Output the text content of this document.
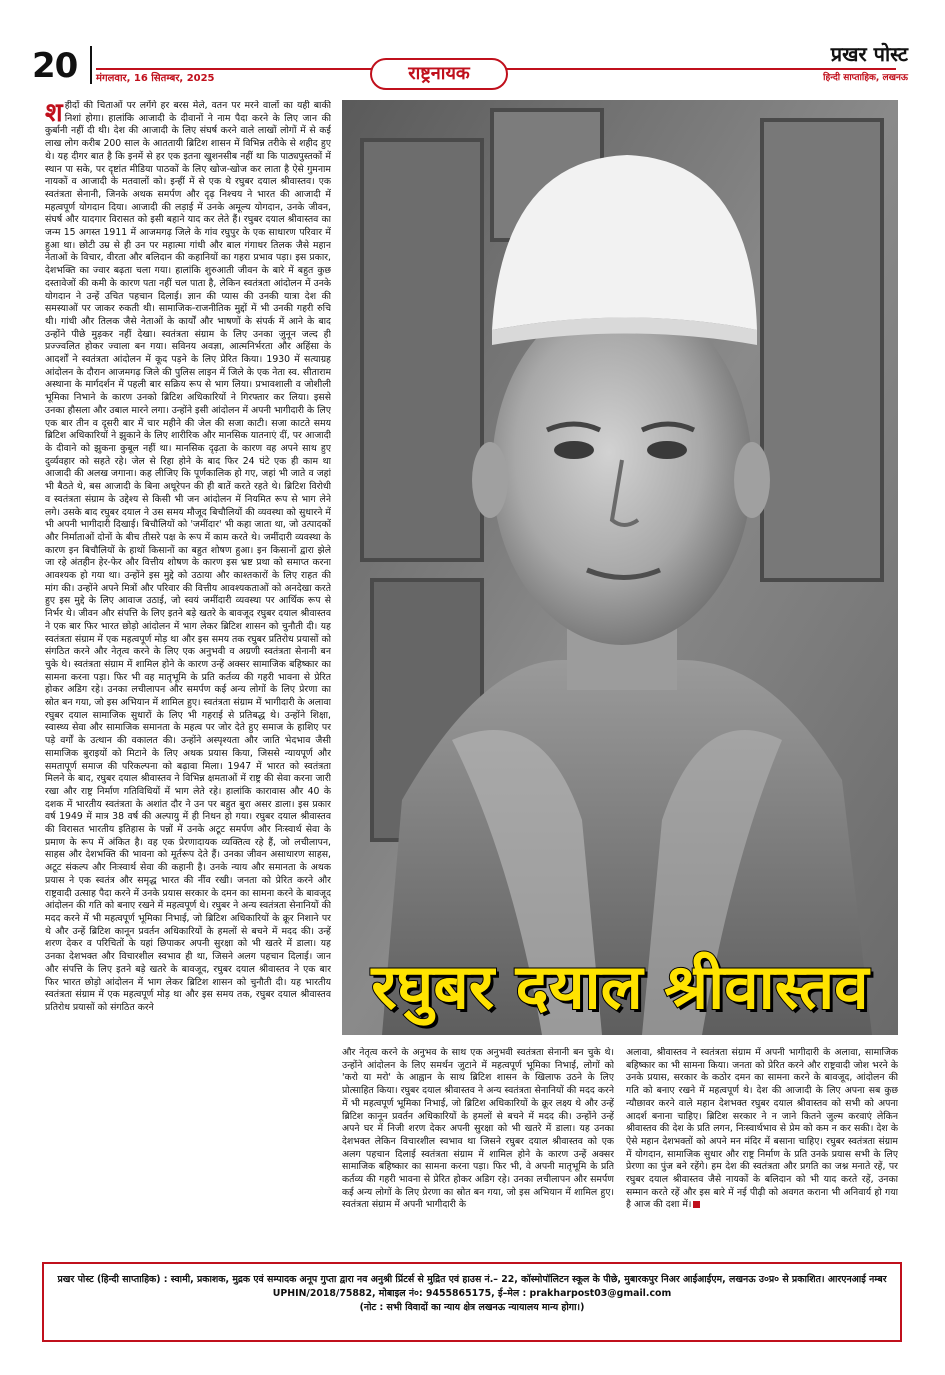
20 मंगलवार, 16 सितम्बर, 2025	राष्ट्रनायक
प्रखर पोस्ट
हिन्दी साप्ताहिक, लखनऊ
श हीदों की चिताओं पर लगेंगे हर बरस मेले, वतन पर मरने वालों का यही बाकी निशां होगा। हालांकि आजादी के दीवानों ने नाम पैदा करने के लिए जान की कुर्बानी नहीं दी थी। देश की आजादी के लिए संघर्ष करने वाले लाखों लोगों में से कई लाख लोग करीब 200 साल के आततायी ब्रिटिश शासन में विभिन्न तरीके से शहीद हुए थे। यह दीगर बात है कि इनमें से हर एक इतना खुशनसीब नहीं था कि पाठ्यपुस्तकों में स्थान पा सके, पर दृष्टांत मीडिया पाठकों के लिए खोज-खोज कर लाता है ऐसे गुमनाम नायकों व आजादी के मतवालों को। इन्हीं में से एक थे रघुबर दयाल श्रीवास्तव। एक स्वतंत्रता सेनानी, जिनके अथक समर्पण और दृढ़ निश्चय ने भारत की आजादी में महत्वपूर्ण योगदान दिया। आजादी की लड़ाई में उनके अमूल्य योगदान, उनके जीवन, संघर्ष और यादगार विरासत को इसी बहाने याद कर लेते हैं। रघुबर दयाल श्रीवास्तव का जन्म 15 अगस्त 1911 में आजमगढ़ जिले के गांव रघुपुर के एक साधारण परिवार में हुआ था। छोटी उम्र से ही उन पर महात्मा गांधी और बाल गंगाधर तिलक जैसे महान नेताओं के विचार, वीरता और बलिदान की कहानियों का गहरा प्रभाव पड़ा। इस प्रकार, देशभक्ति का ज्वार बढ़ता चला गया। हालांकि शुरुआती जीवन के बारे में बहुत कुछ दस्तावेजों की कमी के कारण पता नहीं चल पाता है, लेकिन स्वतंत्रता आंदोलन में उनके योगदान ने उन्हें उचित पहचान दिलाई। ज्ञान की प्यास की उनकी यात्रा देश की समस्याओं पर जाकर रुकती थी। सामाजिक-राजनीतिक मुद्दों में भी उनकी गहरी रुचि थी। गांधी और तिलक जैसे नेताओं के कार्यों और भाषणों के संपर्क में आने के बाद उन्होंने पीछे मुड़कर नहीं देखा। स्वतंत्रता संग्राम के लिए उनका जुनून जल्द ही प्रज्ज्वलित होकर ज्वाला बन गया। सविनय अवज्ञा, आत्मनिर्भरता और अहिंसा के आदर्शों ने स्वतंत्रता आंदोलन में कूद पड़ने के लिए प्रेरित किया। 1930 में सत्याग्रह आंदोलन के दौरान आजमगढ़ जिले की पुलिस लाइन में जिले के एक नेता स्व. सीताराम अस्थाना के मार्गदर्शन में पहली बार सक्रिय रूप से भाग लिया। प्रभावशाली व जोशीली भूमिका निभाने के कारण उनको ब्रिटिश अधिकारियों ने गिरफ्तार कर लिया। इससे उनका हौसला और उबाल मारने लगा। उन्होंने इसी आंदोलन में अपनी भागीदारी के लिए एक बार तीन व दूसरी बार में चार महीने की जेल की सजा काटी। सजा काटते समय ब्रिटिश अधिकारियों ने झुकाने के लिए शारीरिक और मानसिक यातनाएं दीं, पर आजादी के दीवाने को झुकना कुबूल नहीं था। मानसिक दृढ़ता के कारण वह अपने साथ हुए दुर्व्यवहार को सहते रहे। जेल से रिहा होने के बाद फिर 24 घंटे एक ही काम था आजादी की अलख जगाना। कह लीजिए कि पूर्णकालिक हो गए, जहां भी जाते व जहां भी बैठते थे, बस आजादी के बिना अधूरेपन की ही बातें करते रहते थे। ब्रिटिश विरोधी व स्वतंत्रता संग्राम के उद्देश्य से किसी भी जन आंदोलन में नियमित रूप से भाग लेने लगे। उसके बाद रघुबर दयाल ने उस समय मौजूद बिचौलियों की व्यवस्था को सुधारने में भी अपनी भागीदारी दिखाई। बिचौलियों को 'जमींदार' भी कहा जाता था, जो उत्पादकों और निर्माताओं दोनों के बीच तीसरे पक्ष के रूप में काम करते थे। जमींदारी व्यवस्था के कारण इन बिचौलियों के हाथों किसानों का बहुत शोषण हुआ। इन किसानों द्वारा झेले जा रहे अंतहीन हेर-फेर और वित्तीय शोषण के कारण इस भ्रष्ट प्रथा को समाप्त करना आवश्यक हो गया था। उन्होंने इस मुद्दे को उठाया और काश्तकारों के लिए राहत की मांग की। उन्होंने अपने मित्रों और परिवार की वित्तीय आवश्यकताओं को अनदेखा करते हुए इस मुद्दे के लिए आवाज उठाई, जो स्वयं जमींदारी व्यवस्था पर आर्थिक रूप से निर्भर थे। जीवन और संपत्ति के लिए इतने बड़े खतरे के बावजूद रघुबर दयाल श्रीवास्तव ने एक बार फिर भारत छोड़ो आंदोलन में भाग लेकर ब्रिटिश शासन को चुनौती दी। यह स्वतंत्रता संग्राम में एक महत्वपूर्ण मोड़ था और इस समय तक रघुबर प्रतिरोध प्रयासों को संगठित करने और नेतृत्व करने के लिए एक अनुभवी व अग्रणी स्वतंत्रता सेनानी बन चुके थे। स्वतंत्रता संग्राम में शामिल होने के कारण उन्हें अक्सर सामाजिक बहिष्कार का सामना करना पड़ा। फिर भी वह मातृभूमि के प्रति कर्तव्य की गहरी भावना से प्रेरित होकर अडिग रहे। उनका लचीलापन और समर्पण कई अन्य लोगों के लिए प्रेरणा का स्रोत बन गया, जो इस अभियान में शामिल हुए। स्वतंत्रता संग्राम में भागीदारी के अलावा रघुबर दयाल सामाजिक सुधारों के लिए भी गहराई से प्रतिबद्ध थे। उन्होंने शिक्षा, स्वास्थ्य सेवा और सामाजिक समानता के महत्व पर जोर देते हुए समाज के हाशिए पर पड़े वर्गों के उत्थान की वकालत की। उन्होंने अस्पृश्यता और जाति भेदभाव जैसी सामाजिक बुराइयों को मिटाने के लिए अथक प्रयास किया, जिससे न्यायपूर्ण और समतापूर्ण समाज की परिकल्पना को बढ़ावा मिला। 1947 में भारत को स्वतंत्रता मिलने के बाद, रघुबर दयाल श्रीवास्तव ने विभिन्न क्षमताओं में राष्ट्र की सेवा करना जारी रखा और राष्ट्र निर्माण गतिविधियों में भाग लेते रहे। हालांकि कारावास और 40 के दशक में भारतीय स्वतंत्रता के अशांत दौर ने उन पर बहुत बुरा असर डाला। इस प्रकार वर्ष 1949 में मात्र 38 वर्ष की अल्पायु में ही निधन हो गया। रघुबर दयाल श्रीवास्तव की विरासत भारतीय इतिहास के पन्नों में उनके अटूट समर्पण और निःस्वार्थ सेवा के प्रमाण के रूप में अंकित है। वह एक प्रेरणादायक व्यक्तित्व रहे हैं, जो लचीलापन, साहस और देशभक्ति की भावना को मूर्तरूप देते हैं। उनका जीवन असाधारण साहस, अटूट संकल्प और निःस्वार्थ सेवा की कहानी है। उनके न्याय और समानता के अथक प्रयास ने एक स्वतंत्र और समृद्ध भारत की नींव रखी। जनता को प्रेरित करने और राष्ट्रवादी उत्साह पैदा करने में उनके प्रयास सरकार के दमन का सामना करने के बावजूद आंदोलन की गति को बनाए रखने में महत्वपूर्ण थे। रघुबर ने अन्य स्वतंत्रता सेनानियों की मदद करने में भी महत्वपूर्ण भूमिका निभाई, जो ब्रिटिश अधिकारियों के क्रूर निशाने पर थे और उन्हें ब्रिटिश कानून प्रवर्तन अधिकारियों के हमलों से बचने में मदद की। उन्हें शरण देकर व परिचितों के यहां छिपाकर अपनी सुरक्षा को भी खतरे में डाला। यह उनका देशभक्त और विचारशील स्वभाव ही था, जिसने अलग पहचान दिलाई। जान और संपत्ति के लिए इतने बड़े खतरे के बावजूद, रघुबर दयाल श्रीवास्तव ने एक बार फिर भारत छोड़ो आंदोलन में भाग लेकर ब्रिटिश शासन को चुनौती दी। यह भारतीय स्वतंत्रता संग्राम में एक महत्वपूर्ण मोड़ था और इस समय तक, रघुबर दयाल श्रीवास्तव प्रतिरोध प्रयासों को संगठित करने	रघुबर दयाल श्रीवास्तव
और नेतृत्व करने के अनुभव के साथ एक अनुभवी स्वतंत्रता सेनानी बन चुके थे। उन्होंने आंदोलन के लिए समर्थन जुटाने में महत्वपूर्ण भूमिका निभाई, लोगों को 'करो या मरो' के आह्वान के साथ ब्रिटिश शासन के खिलाफ उठने के लिए प्रोत्साहित किया। रघुबर दयाल श्रीवास्तव ने अन्य स्वतंत्रता सेनानियों की मदद करने में भी महत्वपूर्ण भूमिका निभाई, जो ब्रिटिश अधिकारियों के क्रूर लक्ष्य थे और उन्हें ब्रिटिश कानून प्रवर्तन अधिकारियों के हमलों से बचने में मदद की। उन्होंने उन्हें अपने घर में निजी शरण देकर अपनी सुरक्षा को भी खतरे में डाला। यह उनका देशभक्त लेकिन विचारशील स्वभाव था जिसने रघुबर दयाल श्रीवास्तव को एक अलग पहचान दिलाई स्वतंत्रता संग्राम में शामिल होने के कारण उन्हें अक्सर सामाजिक बहिष्कार का सामना करना पड़ा। फिर भी, वे अपनी मातृभूमि के प्रति कर्तव्य की गहरी भावना से प्रेरित होकर अडिग रहे। उनका लचीलापन और समर्पण कई अन्य लोगों के लिए प्रेरणा का स्रोत बन गया, जो इस अभियान में शामिल हुए। स्वतंत्रता संग्राम में अपनी भागीदारी के
अलावा, श्रीवास्तव ने स्वतंत्रता संग्राम में अपनी भागीदारी के अलावा, सामाजिक बहिष्कार का भी सामना किया। जनता को प्रेरित करने और राष्ट्रवादी जोश भरने के उनके प्रयास, सरकार के कठोर दमन का सामना करने के बावजूद, आंदोलन की गति को बनाए रखने में महत्वपूर्ण थे। देश की आजादी के लिए अपना सब कुछ न्यौछावर करने वाले महान देशभक्त रघुबर दयाल श्रीवास्तव को सभी को अपना आदर्श बनाना चाहिए। ब्रिटिश सरकार ने न जाने कितने जुल्म करवाएं लेकिन श्रीवास्तव की देश के प्रति लगन, निःस्वार्थभाव से प्रेम को कम न कर सकी। देश के ऐसे महान देशभक्तों को अपने मन मंदिर में बसाना चाहिए। रघुबर स्वतंत्रता संग्राम में योगदान, सामाजिक सुधार और राष्ट्र निर्माण के प्रति उनके प्रयास सभी के लिए प्रेरणा का पुंज बने रहेंगे। हम देश की स्वतंत्रता और प्रगति का जश्न मनाते रहें, पर रघुबर दयाल श्रीवास्तव जैसे नायकों के बलिदान को भी याद करते रहें, उनका सम्मान करते रहें और इस बारे में नई पीढ़ी को अवगत कराना भी अनिवार्य हो गया है आज की दशा में।
प्रखर पोस्ट (हिन्दी साप्ताहिक) : स्वामी, प्रकाशक, मुद्रक एवं सम्पादक अनूप गुप्ता द्वारा नव अनुश्री प्रिंटर्स से मुद्रित एवं हाउस नं.– 22, कॉस्मोपॉलिटन स्कूल के पीछे, मुबारकपुर निअर आईआईएम, लखनऊ उ०प्र० से प्रकाशित। आरएनआई नम्बर UPHIN/2018/75882, मोबाइल नं०: 9455865175, ई–मेल : prakharpost03@gmail.com
(नोट : सभी विवादों का न्याय क्षेत्र लखनऊ न्यायालय मान्य होगा।)
